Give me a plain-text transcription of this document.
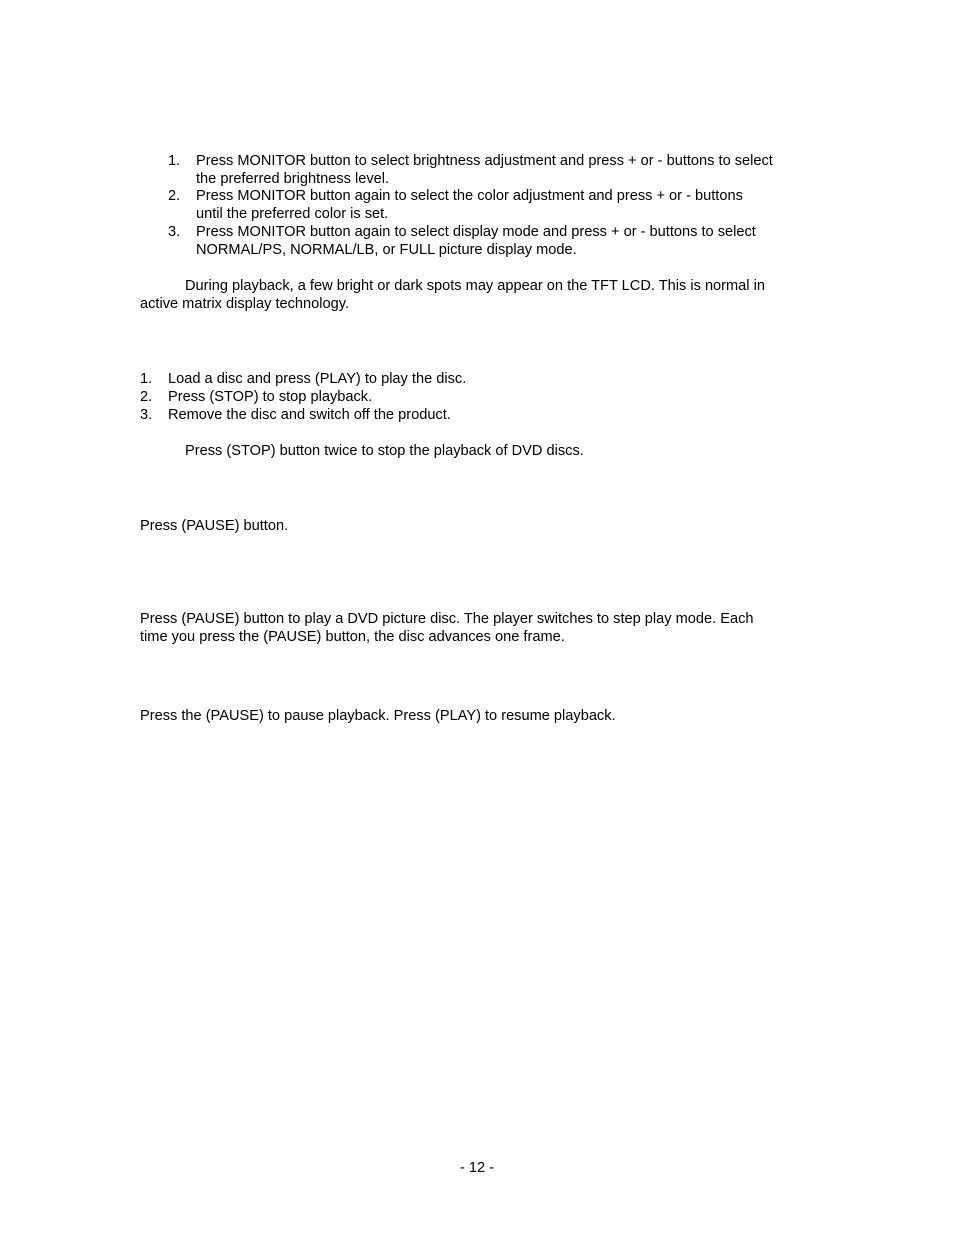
1. Press MONITOR button to select brightness adjustment and press + or - buttons to select
the preferred brightness level.
2. Press MONITOR button again to select the color adjustment and press + or - buttons
until the preferred color is set.
3. Press MONITOR button again to select display mode and press + or - buttons to select
NORMAL/PS, NORMAL/LB, or FULL picture display mode.
During playback, a few bright or dark spots may appear on the TFT LCD. This is normal in
active matrix display technology.
1. Load a disc and press (PLAY) to play the disc.
2. Press (STOP) to stop playback.
3. Remove the disc and switch off the product.
Press (STOP) button twice to stop the playback of DVD discs.
Press (PAUSE) button.
Press (PAUSE) button to play a DVD picture disc. The player switches to step play mode. Each
time you press the (PAUSE) button, the disc advances one frame.
Press the (PAUSE) to pause playback. Press (PLAY) to resume playback.
- 12 -
